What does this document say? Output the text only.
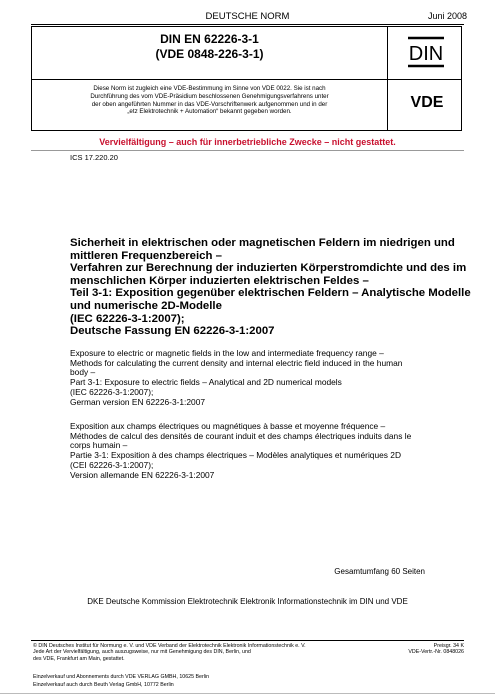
DEUTSCHE NORM	Juni 2008
DIN EN 62226-3-1
(VDE 0848-226-3-1)	DIN
Diese Norm ist zugleich eine VDE-Bestimmung im Sinne von VDE 0022. Sie ist nach
Durchführung des vom VDE-Präsidium beschlossenen Genehmigungsverfahrens unter
der oben angeführten Nummer in das VDE-Vorschriftenwerk aufgenommen und in der
„etz Elektrotechnik + Automation“ bekannt gegeben worden.
VDE
Vervielfältigung – auch für innerbetriebliche Zwecke – nicht gestattet.
ICS 17.220.20
Sicherheit in elektrischen oder magnetischen Feldern im niedrigen und
mittleren Frequenzbereich –
Verfahren zur Berechnung der induzierten Körperstromdichte und des im
menschlichen Körper induzierten elektrischen Feldes –
Teil 3-1: Exposition gegenüber elektrischen Feldern – Analytische Modelle
und numerische 2D-Modelle
(IEC 62226-3-1:2007);
Deutsche Fassung EN 62226-3-1:2007
Exposure to electric or magnetic fields in the low and intermediate frequency range –
Methods for calculating the current density and internal electric field induced in the human
body –
Part 3-1: Exposure to electric fields – Analytical and 2D numerical models
(IEC 62226-3-1:2007);
German version EN 62226-3-1:2007
Exposition aux champs électriques ou magnétiques à basse et moyenne fréquence –
Méthodes de calcul des densités de courant induit et des champs électriques induits dans le
corps humain –
Partie 3-1: Exposition à des champs électriques – Modèles analytiques et numériques 2D
(CEI 62226-3-1:2007);
Version allemande EN 62226-3-1:2007
Gesamtumfang 60 Seiten
DKE Deutsche Kommission Elektrotechnik Elektronik Informationstechnik im DIN und VDE
© DIN Deutsches Institut für Normung e. V. und VDE Verband der Elektrotechnik Elektronik Informationstechnik e. V.
Jede Art der Vervielfältigung, auch auszugsweise, nur mit Genehmigung des DIN, Berlin, und
des VDE, Frankfurt am Main, gestattet.
Preisgr. 34 K
VDE-Vertr.-Nr. 0848026
Einzelverkauf und Abonnements durch VDE VERLAG GMBH, 10625 Berlin
Einzelverkauf auch durch Beuth Verlag GmbH, 10772 Berlin
